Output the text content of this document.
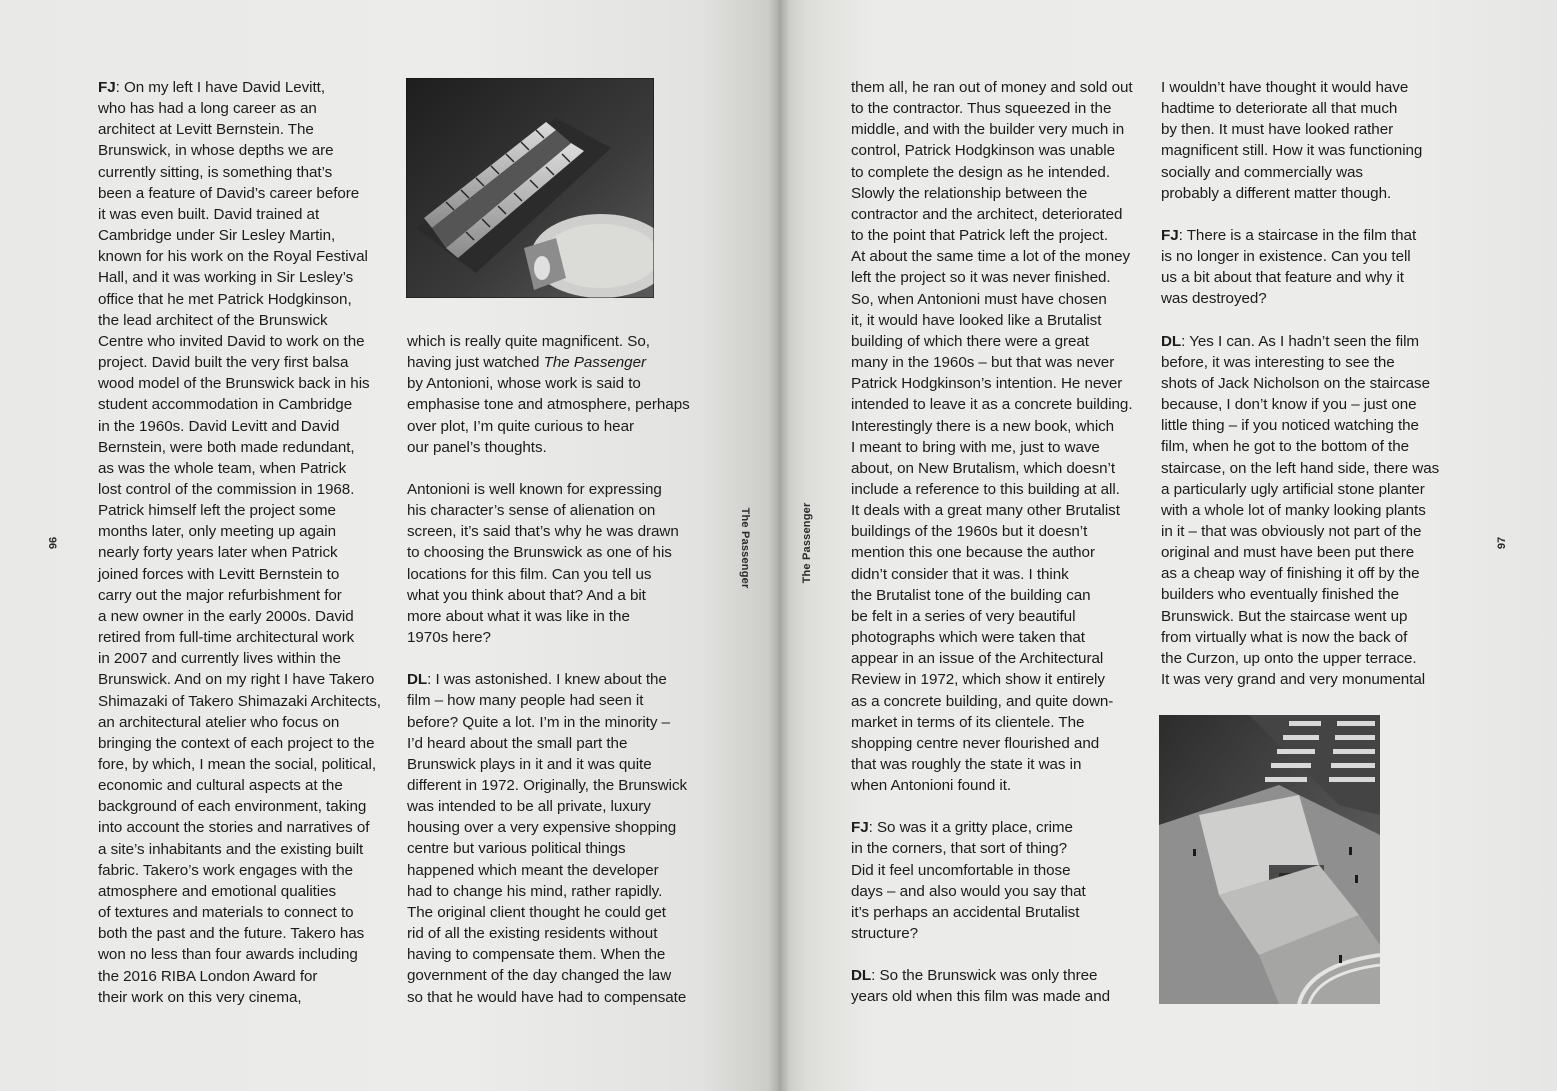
96	The Passenger	The Passenger	97

FJ: On my left I have David Levitt,
who has had a long career as an
architect at Levitt Bernstein. The
Brunswick, in whose depths we are
currently sitting, is something that’s
been a feature of David’s career before
it was even built. David trained at
Cambridge under Sir Lesley Martin,
known for his work on the Royal Festival
Hall, and it was working in Sir Lesley’s
office that he met Patrick Hodgkinson,
the lead architect of the Brunswick
Centre who invited David to work on the
project. David built the very first balsa
wood model of the Brunswick back in his
student accommodation in Cambridge
in the 1960s. David Levitt and David
Bernstein, were both made redundant,
as was the whole team, when Patrick
lost control of the commission in 1968.
Patrick himself left the project some
months later, only meeting up again
nearly forty years later when Patrick
joined forces with Levitt Bernstein to
carry out the major refurbishment for
a new owner in the early 2000s. David
retired from full-time architectural work
in 2007 and currently lives within the
Brunswick. And on my right I have Takero
Shimazaki of Takero Shimazaki Architects,
an architectural atelier who focus on
bringing the context of each project to the
fore, by which, I mean the social, political,
economic and cultural aspects at the
background of each environment, taking
into account the stories and narratives of
a site’s inhabitants and the existing built
fabric. Takero’s work engages with the
atmosphere and emotional qualities
of textures and materials to connect to
both the past and the future. Takero has
won no less than four awards including
the 2016 RIBA London Award for
their work on this very cinema,

which is really quite magnificent. So,
having just watched The Passenger
by Antonioni, whose work is said to
emphasise tone and atmosphere, perhaps
over plot, I’m quite curious to hear
our panel’s thoughts.

Antonioni is well known for expressing
his character’s sense of alienation on
screen, it’s said that’s why he was drawn
to choosing the Brunswick as one of his
locations for this film. Can you tell us
what you think about that? And a bit
more about what it was like in the
1970s here?

DL: I was astonished. I knew about the
film – how many people had seen it
before? Quite a lot. I’m in the minority –
I’d heard about the small part the
Brunswick plays in it and it was quite
different in 1972. Originally, the Brunswick
was intended to be all private, luxury
housing over a very expensive shopping
centre but various political things
happened which meant the developer
had to change his mind, rather rapidly.
The original client thought he could get
rid of all the existing residents without
having to compensate them. When the
government of the day changed the law
so that he would have had to compensate

them all, he ran out of money and sold out
to the contractor. Thus squeezed in the
middle, and with the builder very much in
control, Patrick Hodgkinson was unable
to complete the design as he intended.
Slowly the relationship between the
contractor and the architect, deteriorated
to the point that Patrick left the project.
At about the same time a lot of the money
left the project so it was never finished.
So, when Antonioni must have chosen
it, it would have looked like a Brutalist
building of which there were a great
many in the 1960s – but that was never
Patrick Hodgkinson’s intention. He never
intended to leave it as a concrete building.
Interestingly there is a new book, which
I meant to bring with me, just to wave
about, on New Brutalism, which doesn’t
include a reference to this building at all.
It deals with a great many other Brutalist
buildings of the 1960s but it doesn’t
mention this one because the author
didn’t consider that it was. I think
the Brutalist tone of the building can
be felt in a series of very beautiful
photographs which were taken that
appear in an issue of the Architectural
Review in 1972, which show it entirely
as a concrete building, and quite down-
market in terms of its clientele. The
shopping centre never flourished and
that was roughly the state it was in
when Antonioni found it.

FJ: So was it a gritty place, crime
in the corners, that sort of thing?
Did it feel uncomfortable in those
days – and also would you say that
it’s perhaps an accidental Brutalist
structure?

DL: So the Brunswick was only three
years old when this film was made and

I wouldn’t have thought it would have
hadtime to deteriorate all that much
by then. It must have looked rather
magnificent still. How it was functioning
socially and commercially was
probably a different matter though.

FJ: There is a staircase in the film that
is no longer in existence. Can you tell
us a bit about that feature and why it
was destroyed?

DL: Yes I can. As I hadn’t seen the film
before, it was interesting to see the
shots of Jack Nicholson on the staircase
because, I don’t know if you – just one
little thing – if you noticed watching the
film, when he got to the bottom of the
staircase, on the left hand side, there was
a particularly ugly artificial stone planter
with a whole lot of manky looking plants
in it – that was obviously not part of the
original and must have been put there
as a cheap way of finishing it off by the
builders who eventually finished the
Brunswick. But the staircase went up
from virtually what is now the back of
the Curzon, up onto the upper terrace.
It was very grand and very monumental
